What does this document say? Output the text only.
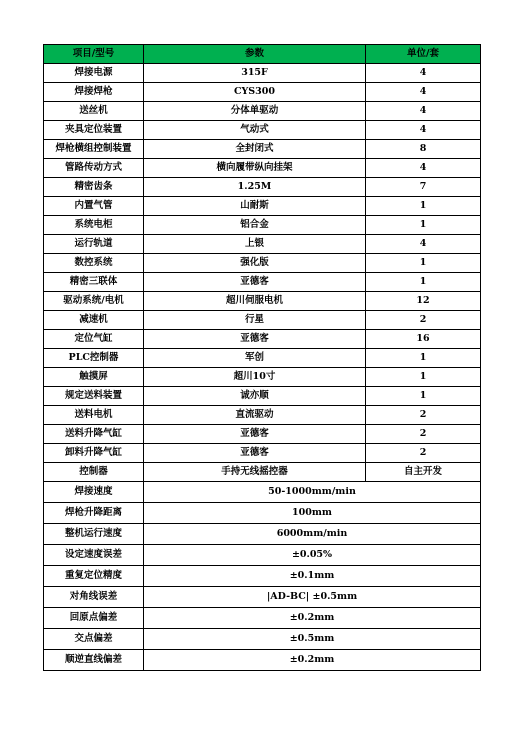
项目/型号	参数	单位/套
焊接电源	315F	4
焊接焊枪	CYS300	4
送丝机	分体单驱动	4
夹具定位装置	气动式	4
焊枪横组控制装置	全封闭式	8
管路传动方式	横向履带纵向挂架	4
精密齿条	1.25M	7
内置气管	山耐斯	1
系统电柜	铝合金	1
运行轨道	上银	4
数控系统	强化版	1
精密三联体	亚德客	1
驱动系统/电机	超川伺服电机	12
减速机	行星	2
定位气缸	亚德客	16
PLC控制器	军创	1
触摸屏	超川10寸	1
规定送料装置	诚亦顺	1
送料电机	直流驱动	2
送料升降气缸	亚德客	2
卸料升降气缸	亚德客	2
控制器	手持无线摇控器	自主开发
焊接速度	50-1000mm/min	
焊枪升降距离	100mm	
整机运行速度	6000mm/min	
设定速度误差	±0.05%	
重复定位精度	±0.1mm	
对角线误差	|AD-BC| ±0.5mm	
回原点偏差	±0.2mm	
交点偏差	±0.5mm	
顺逆直线偏差	±0.2mm	
